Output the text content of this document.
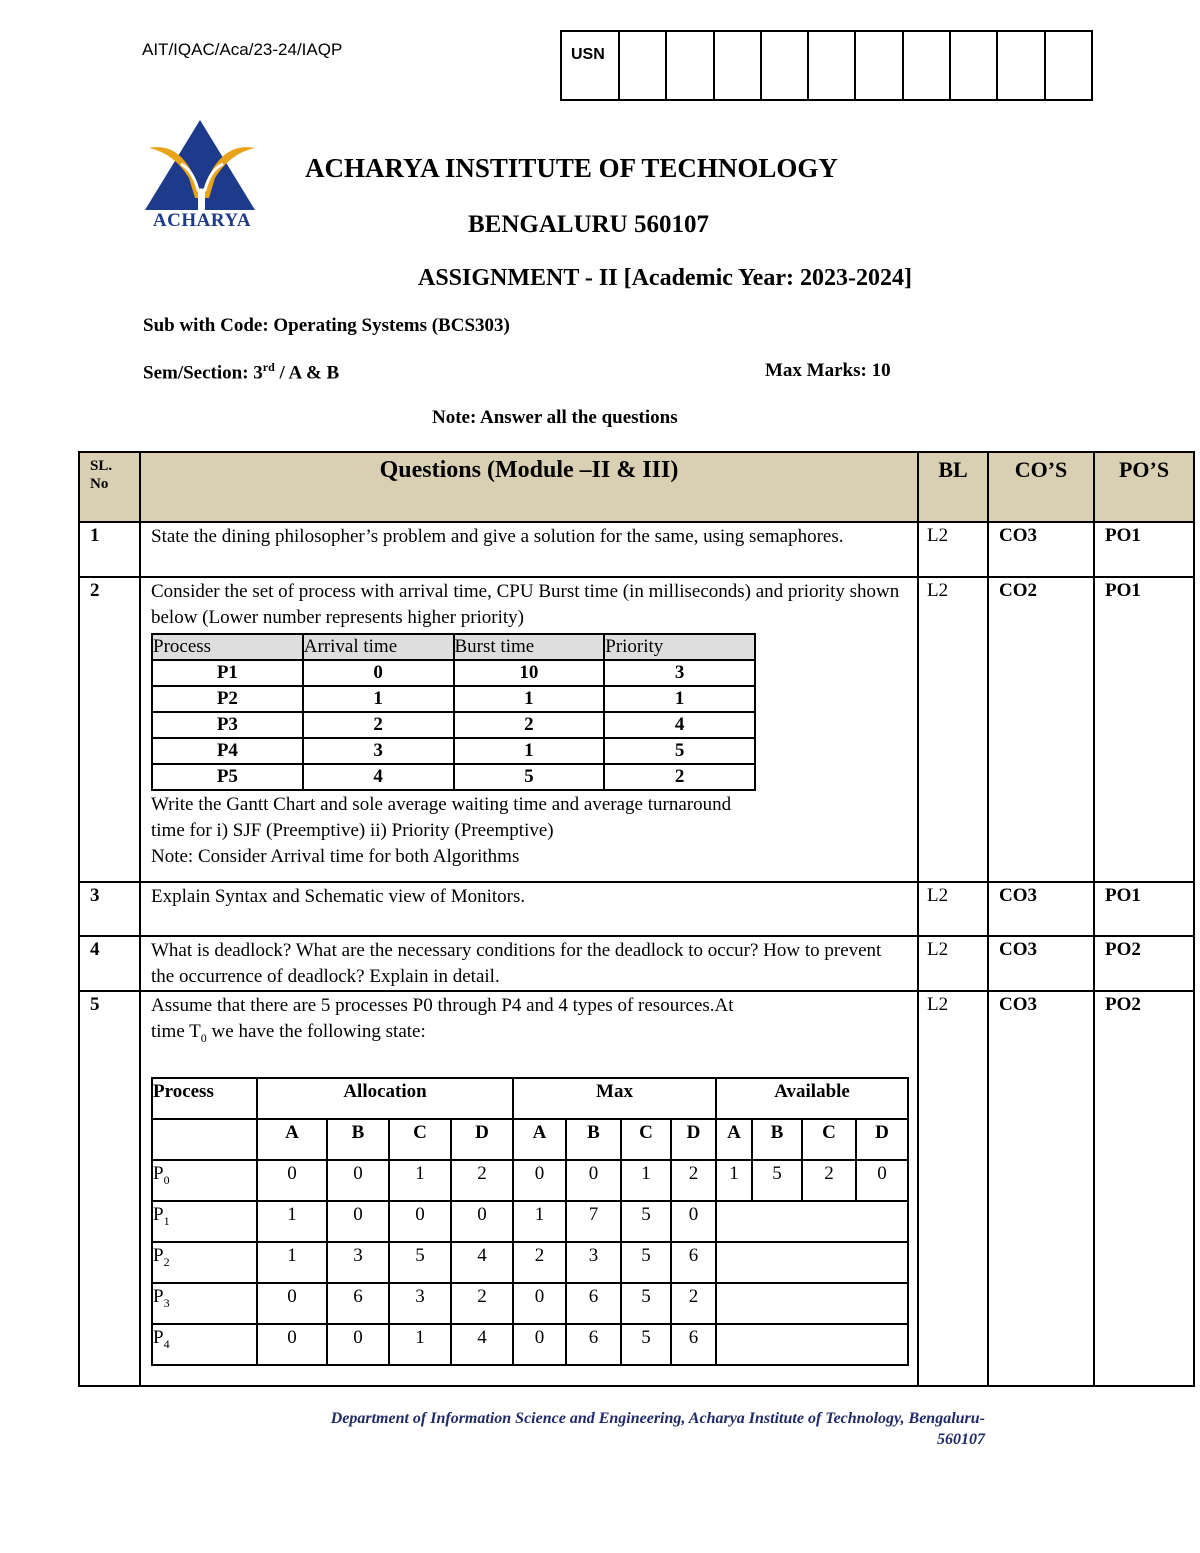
AIT/IQAC/Aca/23-24/IAQP	USN
ACHARYA
ACHARYA INSTITUTE OF TECHNOLOGY
BENGALURU 560107
ASSIGNMENT - II [Academic Year: 2023-2024]
Sub with Code: Operating Systems (BCS303)
Sem/Section: 3rd / A & B	Max Marks: 10
Note: Answer all the questions
SL.
No	Questions (Module –II & III)	BL	CO’S	PO’S
1	State the dining philosopher’s problem and give a solution for the same, using semaphores.	L2	CO3	PO1
2	Consider the set of process with arrival time, CPU Burst time (in milliseconds) and priority shown below (Lower number represents higher priority)
Process	Arrival time	Burst time	Priority
P1	0	10	3
P2	1	1	1
P3	2	2	4
P4	3	1	5
P5	4	5	2
Write the Gantt Chart and sole average waiting time and average turnaround
time for i) SJF (Preemptive) ii) Priority (Preemptive)
Note: Consider Arrival time for both Algorithms
	L2	CO2	PO1
3	Explain Syntax and Schematic view of Monitors.	L2	CO3	PO1
4	What is deadlock? What are the necessary conditions for the deadlock to occur? How to prevent the occurrence of deadlock? Explain in detail.	L2	CO3	PO2
5	Assume that there are 5 processes P0 through P4 and 4 types of resources.At
time $T_0$ we have the following state:
Process	Allocation	Max	Available
	A	B	C	D	A	B	C	D	A	B	C	D
$P_0$	0	0	1	2	0	0	1	2	1	5	2	0
$P_1$	1	0	0	0	1	7	5	0	
$P_2$	1	3	5	4	2	3	5	6	
$P_3$	0	6	3	2	0	6	5	2	
$P_4$	0	0	1	4	0	6	5	6	
	L2	CO3	PO2
Department of Information Science and Engineering, Acharya Institute of Technology, Bengaluru-
560107
